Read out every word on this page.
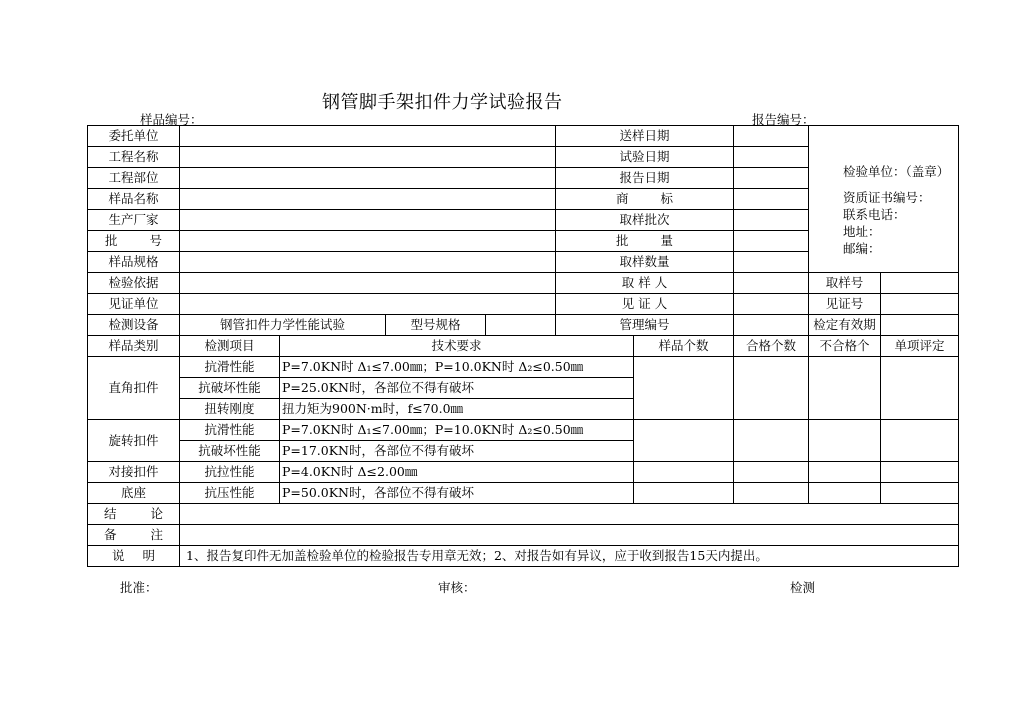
钢管脚手架扣件力学试验报告
样品编号：	报告编号：
委托单位					送样日期			检验单位：（盖章）
资质证书编号：
联系电话：
地址：
邮编：	

工程名称					试验日期				
工程部位					报告日期				
样品名称					商 标				
生产厂家					取样批次				
批 号					批 量				
样品规格					取样数量				
检验依据					取 样 人			取样号	
见证单位					见 证 人			见证号	
检测设备	钢管扣件力学性能试验		型号规格		管理编号			检定有效期	
样品类别	检测项目	技术要求				样品个数	合格个数	不合格个	单项评定
直角扣件	抗滑性能	P=7.0KN时 Δ₁≤7.00㎜；P=10.0KN时 Δ₂≤0.50㎜							
	抗破坏性能	P=25.0KN时，各部位不得有破坏							
	扭转刚度	扭力矩为900N·m时，f≤70.0㎜							
旋转扣件	抗滑性能	P=7.0KN时 Δ₁≤7.00㎜；P=10.0KN时 Δ₂≤0.50㎜							
	抗破坏性能	P=17.0KN时，各部位不得有破坏							
对接扣件	抗拉性能	P=4.0KN时 Δ≤2.00㎜							
底座	抗压性能	P=50.0KN时，各部位不得有破坏							
结 论									
备 注									
说 明	1、报告复印件无加盖检验单位的检验报告专用章无效；2、对报告如有异议，应于收到报告15天内提出。								
批准：	审核：	检测
